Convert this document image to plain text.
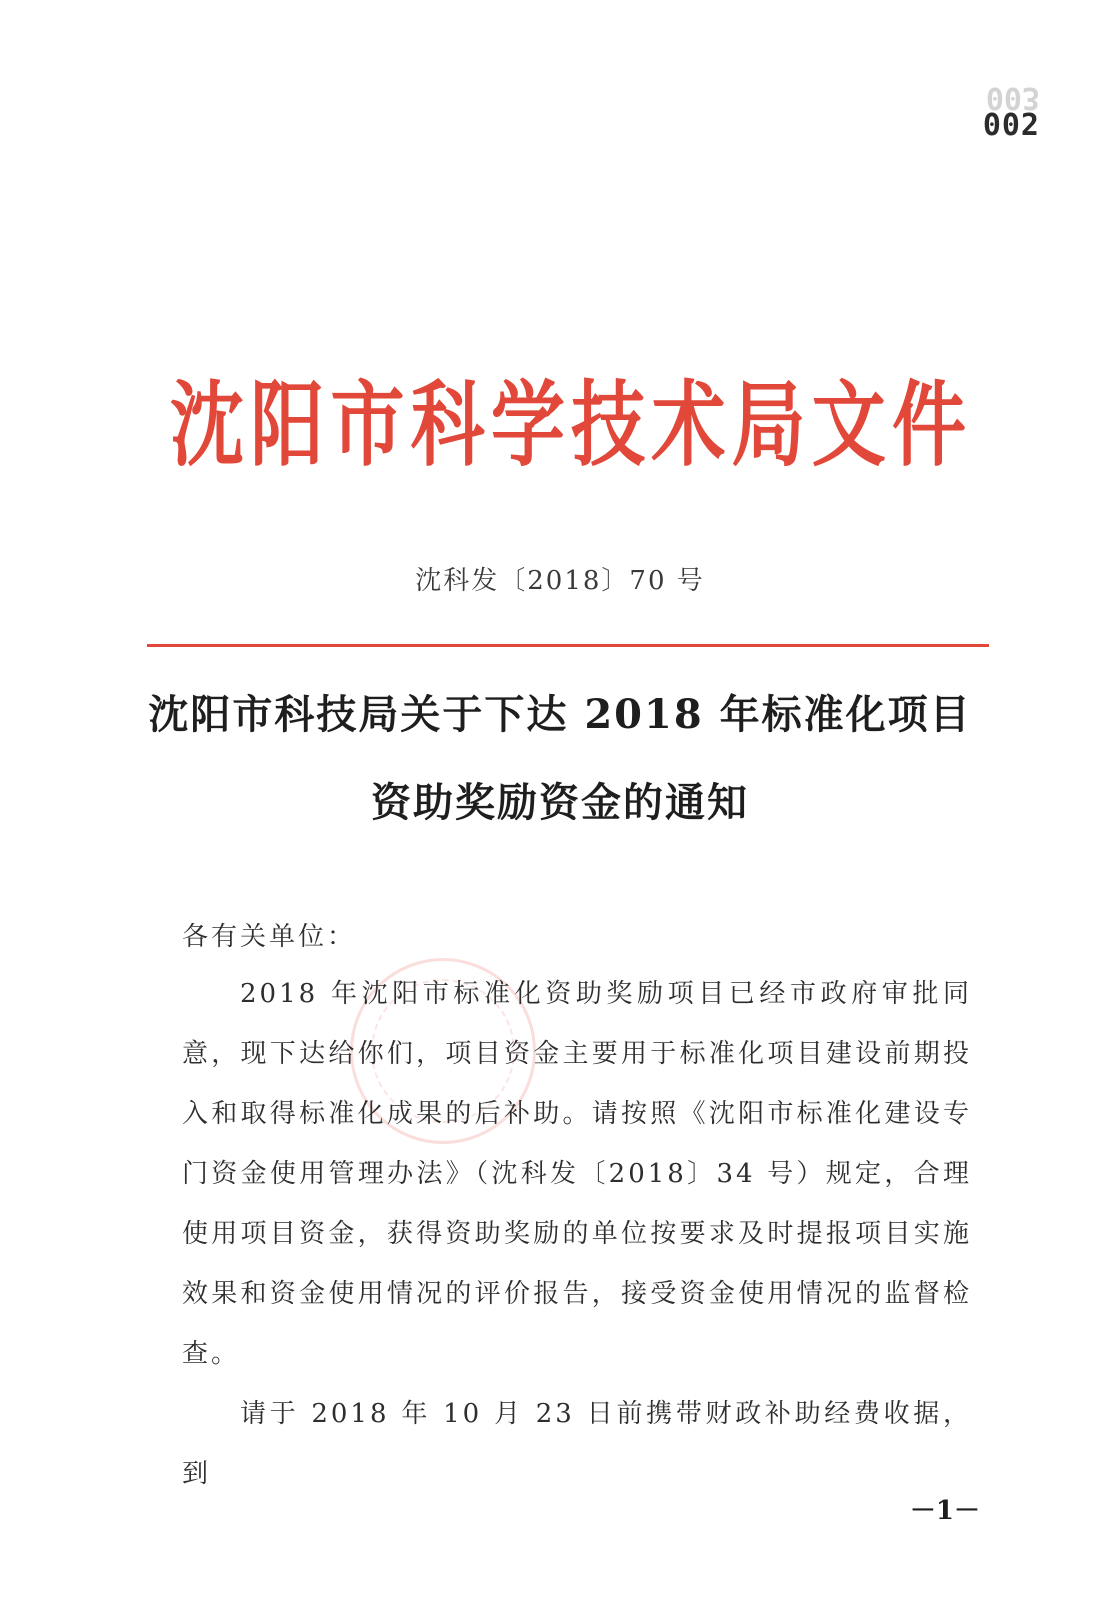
003
002
沈阳市科学技术局文件
沈科发〔2018〕70 号
沈阳市科技局关于下达 2018 年标准化项目
资助奖励资金的通知
各有关单位：

2018 年沈阳市标准化资助奖励项目已经市政府审批同意，现下达给你们，项目资金主要用于标准化项目建设前期投入和取得标准化成果的后补助。请按照《沈阳市标准化建设专门资金使用管理办法》（沈科发〔2018〕34 号）规定，合理使用项目资金，获得资助奖励的单位按要求及时提报项目实施效果和资金使用情况的评价报告，接受资金使用情况的监督检查。

请于 2018 年 10 月 23 日前携带财政补助经费收据，到

－1－
